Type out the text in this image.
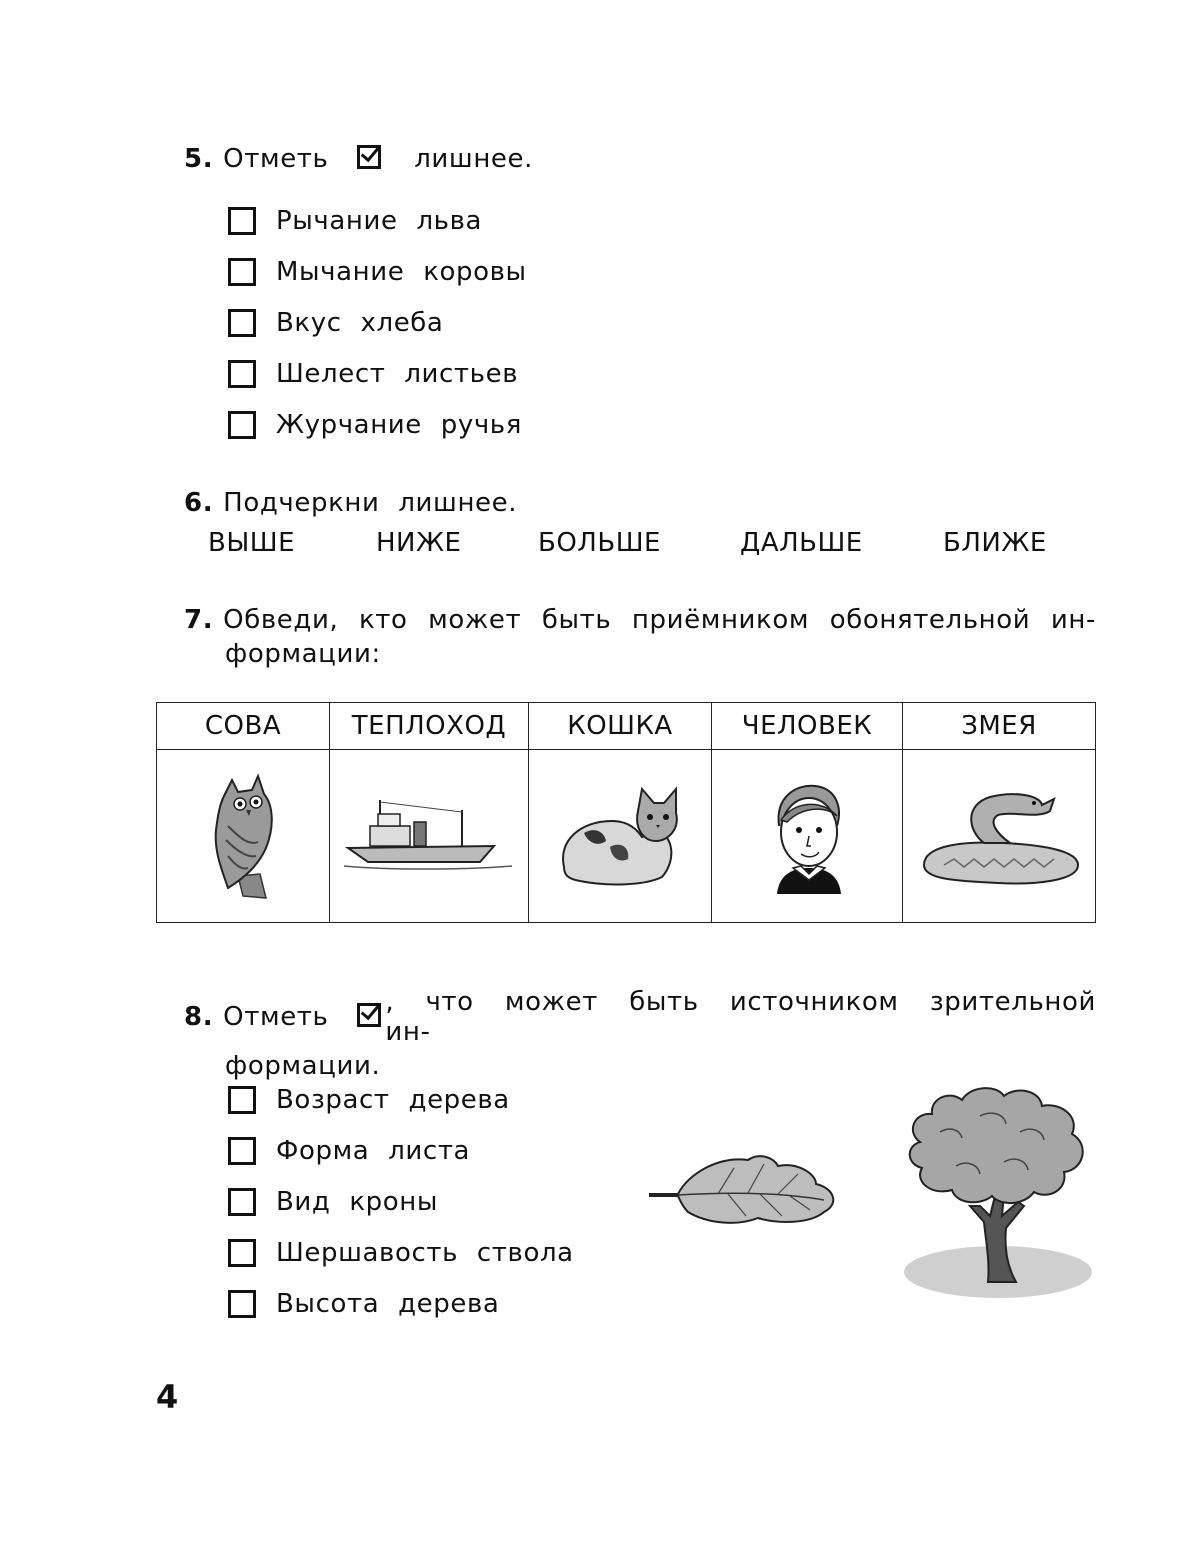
5. Отметь	лишнее.
Рычание льва
Мычание коровы
Вкус хлеба
Шелест листьев
Журчание ручья
6. Подчеркни лишнее.
ВЫШЕ	НИЖЕ	БОЛЬШЕ	ДАЛЬШЕ	БЛИЖЕ
7. Обведи, кто может быть приёмником обонятельной ин-
формации:
СОВА	ТЕПЛОХОД	КОШКА	ЧЕЛОВЕК	ЗМЕЯ

8. Отметь	, что может быть источником зрительной ин-
формации.
Возраст дерева
Форма листа
Вид кроны
Шершавость ствола
Высота дерева
4
